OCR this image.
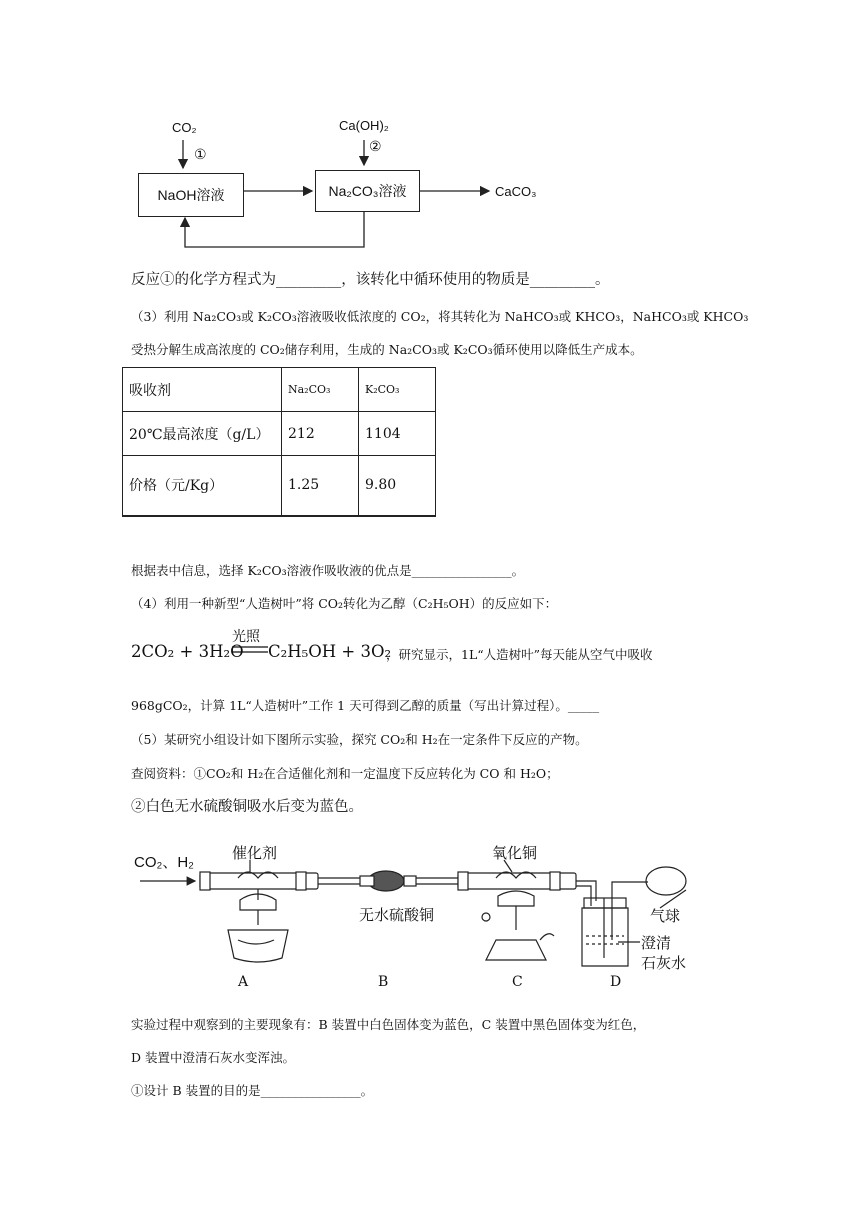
CO₂
①
Ca(OH)₂
②
NaOH溶液	Na₂CO₃溶液	CaCO₃
反应①的化学方程式为_________，该转化中循环使用的物质是_________。
（3）利用 Na₂CO₃或 K₂CO₃溶液吸收低浓度的 CO₂，将其转化为 NaHCO₃或 KHCO₃，NaHCO₃或 KHCO₃
受热分解生成高浓度的 CO₂储存利用，生成的 Na₂CO₃或 K₂CO₃循环使用以降低生产成本。
吸收剂	Na₂CO₃	K₂CO₃
20℃最高浓度（g/L）	212	1104
价格（元/Kg）	1.25	9.80
根据表中信息，选择 K₂CO₃溶液作吸收液的优点是________________。
（4）利用一种新型“人造树叶”将 CO₂转化为乙醇（C₂H₅OH）的反应如下：
2CO₂ + 3H₂O
光照
C₂H₅OH + 3O₂
，研究显示，1L“人造树叶”每天能从空气中吸收
968gCO₂，计算 1L“人造树叶”工作 1 天可得到乙醇的质量（写出计算过程）。_____
（5）某研究小组设计如下图所示实验，探究 CO₂和 H₂在一定条件下反应的产物。
查阅资料：①CO₂和 H₂在合适催化剂和一定温度下反应转化为 CO 和 H₂O；
②白色无水硫酸铜吸水后变为蓝色。
CO₂、H₂
催化剂
无水硫酸铜
氧化铜
气球
澄清
石灰水
A	B	C	D
实验过程中观察到的主要现象有：B 装置中白色固体变为蓝色，C 装置中黑色固体变为红色，
D 装置中澄清石灰水变浑浊。
①设计 B 装置的目的是________________。
